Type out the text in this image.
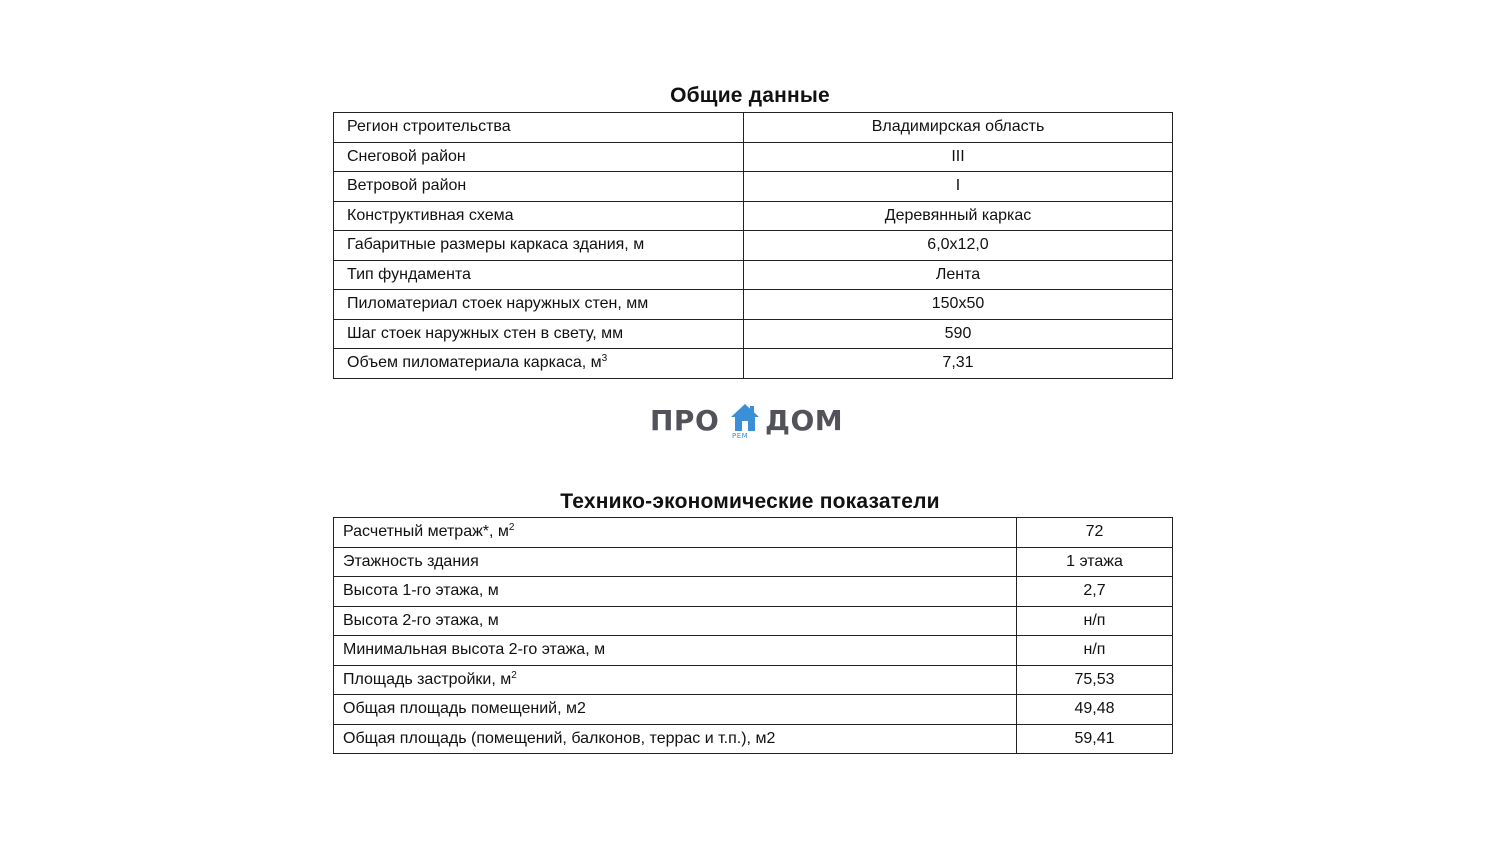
Общие данные
Регион строительства	Владимирская область
Снеговой район	III
Ветровой район	I
Конструктивная схема	Деревянный каркас
Габаритные размеры каркаса здания, м	6,0х12,0
Тип фундамента	Лента
Пиломатериал стоек наружных стен, мм	150х50
Шаг стоек наружных стен в свету, мм	590
Объем пиломатериала каркаса, $м^3$	7,31
ПРО РЕМ ДОМ
Технико-экономические показатели
Расчетный метраж*, $м^2$	72
Этажность здания	1 этажа
Высота 1-го этажа, м	2,7
Высота 2-го этажа, м	н/п
Минимальная высота 2-го этажа, м	н/п
Площадь застройки, $м^2$	75,53
Общая площадь помещений, м2	49,48
Общая площадь (помещений, балконов, террас и т.п.), м2	59,41
